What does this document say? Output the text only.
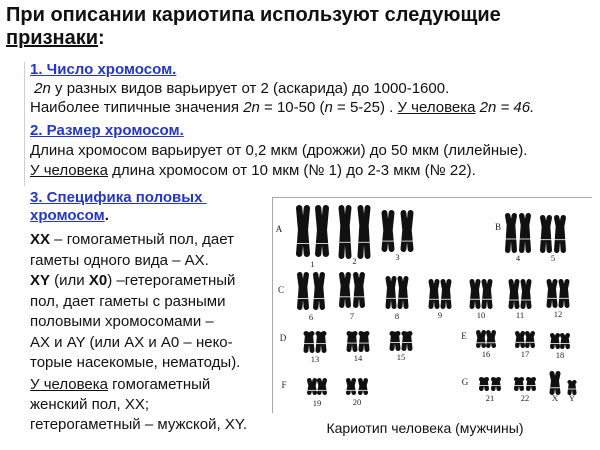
При описании кариотипа используют следующие
признаки:
1. Число хромосом.
2n у разных видов варьирует от 2 (аскарида) до 1000-1600.
Наиболее типичные значения 2n = 10-50 (n = 5-25) . У человека 2n = 46.
2. Размер хромосом.
Длина хромосом варьирует от 0,2 мкм (дрожжи) до 50 мкм (лилейные).
У человека длина хромосом от 10 мкм (№ 1) до 2-3 мкм (№ 22).
3. Специфика половых
хромосом.
XX – гомогаметный пол, дает
гаметы одного вида – AX.
XY (или X0) –гетерогаметный
пол, дает гаметы с разными
половыми хромосомами –
AX и AY (или AX и A0 – неко-
торые насекомые, нематоды).
У человека гомогаметный
женский пол, XX;
гетерогаметный – мужской, XY.
1	2	3	4	5
6	7	8	9	10	11	12
13	14	15	16	17	18
19	20	21	22	X Y
A	B
C
D	E
F	G
Кариотип человека (мужчины)
